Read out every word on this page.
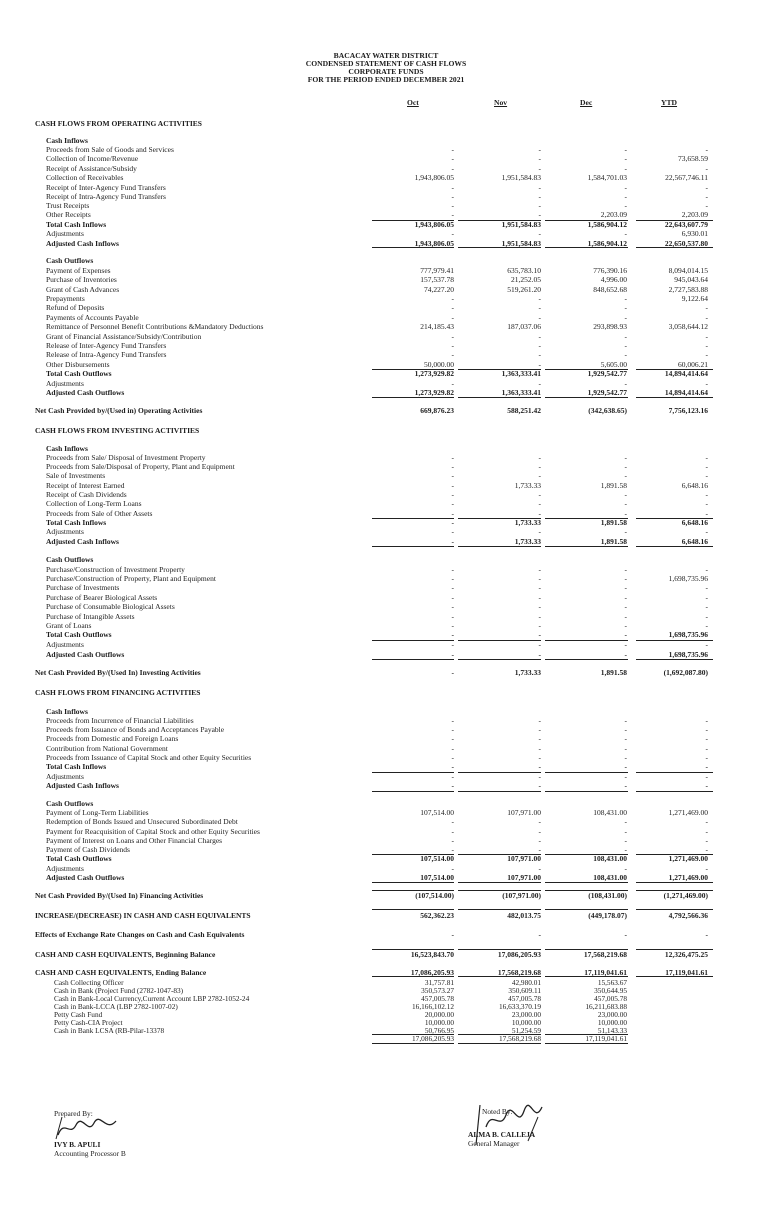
BACACAY WATER DISTRICT
CONDENSED STATEMENT OF CASH FLOWS
CORPORATE FUNDS
FOR THE PERIOD ENDED DECEMBER 2021
Oct	Nov	Dec	YTD
CASH FLOWS FROM OPERATING ACTIVITIES
Cash Inflows
Proceeds from Sale of Goods and Services	-	-	-	-
Collection of Income/Revenue	-	-	-	73,658.59
Receipt of Assistance/Subsidy	-	-	-	-
Collection of Receivables	1,943,806.05	1,951,584.83	1,584,701.03	22,567,746.11
Receipt of Inter-Agency Fund Transfers	-	-	-	-
Receipt of Intra-Agency Fund Transfers	-	-	-	-
Trust Receipts	-	-	-	-
Other Receipts	-	-	2,203.09	2,203.09
Total Cash Inflows	1,943,806.05	1,951,584.83	1,586,904.12	22,643,607.79
Adjustments	-	-	-	6,930.01
Adjusted Cash Inflows	1,943,806.05	1,951,584.83	1,586,904.12	22,650,537.80
Cash Outflows
Payment of Expenses	777,979.41	635,783.10	776,390.16	8,094,014.15
Purchase of Inventories	157,537.78	21,252.05	4,996.00	945,043.64
Grant of Cash Advances	74,227.20	519,261.20	848,652.68	2,727,583.88
Prepayments	-	-	-	9,122.64
Refund of Deposits	-	-	-	-
Payments of Accounts Payable	-	-	-	-
Remittance of Personnel Benefit Contributions &Mandatory Deductions	214,185.43	187,037.06	293,898.93	3,058,644.12
Grant of Financial Assistance/Subsidy/Contribution	-	-	-	-
Release of Inter-Agency Fund Transfers	-	-	-	-
Release of Intra-Agency Fund Transfers	-	-	-	-
Other Disbursements	50,000.00	-	5,605.00	60,006.21
Total Cash Outflows	1,273,929.82	1,363,333.41	1,929,542.77	14,894,414.64
Adjustments	-	-	-	-
Adjusted Cash Outflows	1,273,929.82	1,363,333.41	1,929,542.77	14,894,414.64
Net Cash Provided by/(Used in) Operating Activities	669,876.23	588,251.42	(342,638.65)	7,756,123.16
CASH FLOWS FROM INVESTING ACTIVITIES
Cash Inflows
Proceeds from Sale/ Disposal of Investment Property	-	-	-	-
Proceeds from Sale/Disposal of Property, Plant and Equipment	-	-	-	-
Sale of Investments	-	-	-	-
Receipt of Interest Earned	-	1,733.33	1,891.58	6,648.16
Receipt of Cash Dividends	-	-	-	-
Collection of Long-Term Loans	-	-	-	-
Proceeds from Sale of Other Assets	-	-	-	-
Total Cash Inflows	-	1,733.33	1,891.58	6,648.16
Adjustments	-	-	-	-
Adjusted Cash Inflows	-	1,733.33	1,891.58	6,648.16
Cash Outflows
Purchase/Construction of Investment Property	-	-	-	-
Purchase/Construction of Property, Plant and Equipment	-	-	-	1,698,735.96
Purchase of Investments	-	-	-	-
Purchase of Bearer Biological Assets	-	-	-	-
Purchase of Consumable Biological Assets	-	-	-	-
Purchase of Intangible Assets	-	-	-	-
Grant of Loans	-	-	-	-
Total Cash Outflows	-	-	-	1,698,735.96
Adjustments	-	-	-	-
Adjusted Cash Outflows	-	-	-	1,698,735.96
Net Cash Provided By/(Used In) Investing Activities	-	1,733.33	1,891.58	(1,692,087.80)
CASH FLOWS FROM FINANCING ACTIVITIES
Cash Inflows
Proceeds from Incurrence of Financial Liabilities	-	-	-	-
Proceeds from Issuance of Bonds and Acceptances Payable	-	-	-	-
Proceeds from Domestic and Foreign Loans	-	-	-	-
Contribution from National Government	-	-	-	-
Proceeds from Issuance of Capital Stock and other Equity Securities	-	-	-	-
Total Cash Inflows	-	-	-	-
Adjustments	-	-	-	-
Adjusted Cash Inflows	-	-	-	-
Cash Outflows
Payment of Long-Term Liabilities	107,514.00	107,971.00	108,431.00	1,271,469.00
Redemption of Bonds Issued and Unsecured Subordinated Debt	-	-	-	-
Payment for Reacquisition of Capital Stock and other Equity Securities	-	-	-	-
Payment of Interest on Loans and Other Financial Charges	-	-	-	-
Payment of Cash Dividends	-	-	-	-
Total Cash Outflows	107,514.00	107,971.00	108,431.00	1,271,469.00
Adjustments	-	-	-	-
Adjusted Cash Outflows	107,514.00	107,971.00	108,431.00	1,271,469.00
Net Cash Provided By/(Used In) Financing Activities	(107,514.00)	(107,971.00)	(108,431.00)	(1,271,469.00)
INCREASE/(DECREASE) IN CASH AND CASH EQUIVALENTS	562,362.23	482,013.75	(449,178.07)	4,792,566.36
Effects of Exchange Rate Changes on Cash and Cash Equivalents	-	-	-	-
CASH AND CASH EQUIVALENTS, Beginning Balance	16,523,843.70	17,086,205.93	17,568,219.68	12,326,475.25
CASH AND CASH EQUIVALENTS, Ending Balance	17,086,205.93	17,568,219.68	17,119,041.61	17,119,041.61
Cash Collecting Officer	31,757.81	42,980.01	15,563.67
Cash in Bank (Project Fund (2782-1047-83)	350,573.27	350,609.11	350,644.95
Cash in Bank-Local Currency,Current Account LBP 2782-1052-24	457,005.78	457,005.78	457,005.78
Cash in Bank-LCCA (LBP 2782-1007-02)	16,166,102.12	16,633,370.19	16,211,683.88
Petty Cash Fund	20,000.00	23,000.00	23,000.00
Petty Cash-CIA Project	10,000.00	10,000.00	10,000.00
Cash in Bank LCSA (RB-Pilar-13378	50,766.95	51,254.59	51,143.33
17,086,205.93	17,568,219.68	17,119,041.61
Prepared By:
IVY B. APULI
Accounting Processor B
Noted By:
ALMA B. CALLEJA
General Manager
